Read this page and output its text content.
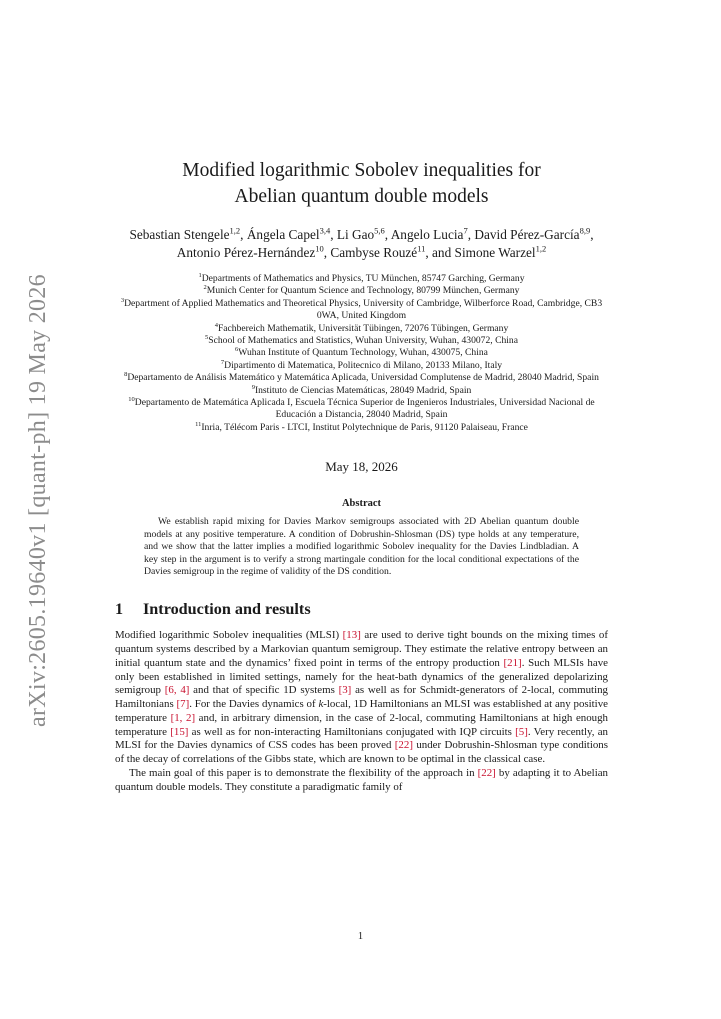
arXiv:2605.19640v1 [quant-ph] 19 May 2026
Modified logarithmic Sobolev inequalities for
Abelian quantum double models
Sebastian Stengele$^{1,2}$, Ángela Capel$^{3,4}$, Li Gao$^{5,6}$, Angelo Lucia$^7$, David Pérez-García$^{8,9}$, Antonio Pérez-Hernández$^{10}$, Cambyse Rouzé$^{11}$, and Simone Warzel$^{1,2}$
$^1$Departments of Mathematics and Physics, TU München, 85747 Garching, Germany
$^2$Munich Center for Quantum Science and Technology, 80799 München, Germany
$^3$Department of Applied Mathematics and Theoretical Physics, University of Cambridge, Wilberforce Road, Cambridge, CB3 0WA, United Kingdom
$^4$Fachbereich Mathematik, Universität Tübingen, 72076 Tübingen, Germany
$^5$School of Mathematics and Statistics, Wuhan University, Wuhan, 430072, China
$^6$Wuhan Institute of Quantum Technology, Wuhan, 430075, China
$^7$Dipartimento di Matematica, Politecnico di Milano, 20133 Milano, Italy
$^8$Departamento de Análisis Matemático y Matemática Aplicada, Universidad Complutense de Madrid, 28040 Madrid, Spain
$^9$Instituto de Ciencias Matemáticas, 28049 Madrid, Spain
$^{10}$Departamento de Matemática Aplicada I, Escuela Técnica Superior de Ingenieros Industriales, Universidad Nacional de Educación a Distancia, 28040 Madrid, Spain
$^{11}$Inria, Télécom Paris - LTCI, Institut Polytechnique de Paris, 91120 Palaiseau, France
May 18, 2026
Abstract

We establish rapid mixing for Davies Markov semigroups associated with 2D Abelian quantum double models at any positive temperature. A condition of Dobrushin-Shlosman (DS) type holds at any temperature, and we show that the latter implies a modified logarithmic Sobolev inequality for the Davies Lindbladian. A key step in the argument is to verify a strong martingale condition for the local conditional expectations of the Davies semigroup in the regime of validity of the DS condition.

1 Introduction and results

Modified logarithmic Sobolev inequalities (MLSI) [13] are used to derive tight bounds on the mixing times of quantum systems described by a Markovian quantum semigroup. They estimate the relative entropy between an initial quantum state and the dynamics’ fixed point in terms of the entropy production [21]. Such MLSIs have only been established in limited settings, namely for the heat-bath dynamics of the generalized depolarizing semigroup [6, 4] and that of specific 1D systems [3] as well as for Schmidt-generators of 2-local, commuting Hamiltonians [7]. For the Davies dynamics of k-local, 1D Hamiltonians an MLSI was established at any positive temperature [1, 2] and, in arbitrary dimension, in the case of 2-local, commuting Hamiltonians at high enough temperature [15] as well as for non-interacting Hamiltonians conjugated with IQP circuits [5]. Very recently, an MLSI for the Davies dynamics of CSS codes has been proved [22] under Dobrushin-Shlosman type conditions of the decay of correlations of the Gibbs state, which are known to be optimal in the classical case.

The main goal of this paper is to demonstrate the flexibility of the approach in [22] by adapting it to Abelian quantum double models. They constitute a paradigmatic family of

1
